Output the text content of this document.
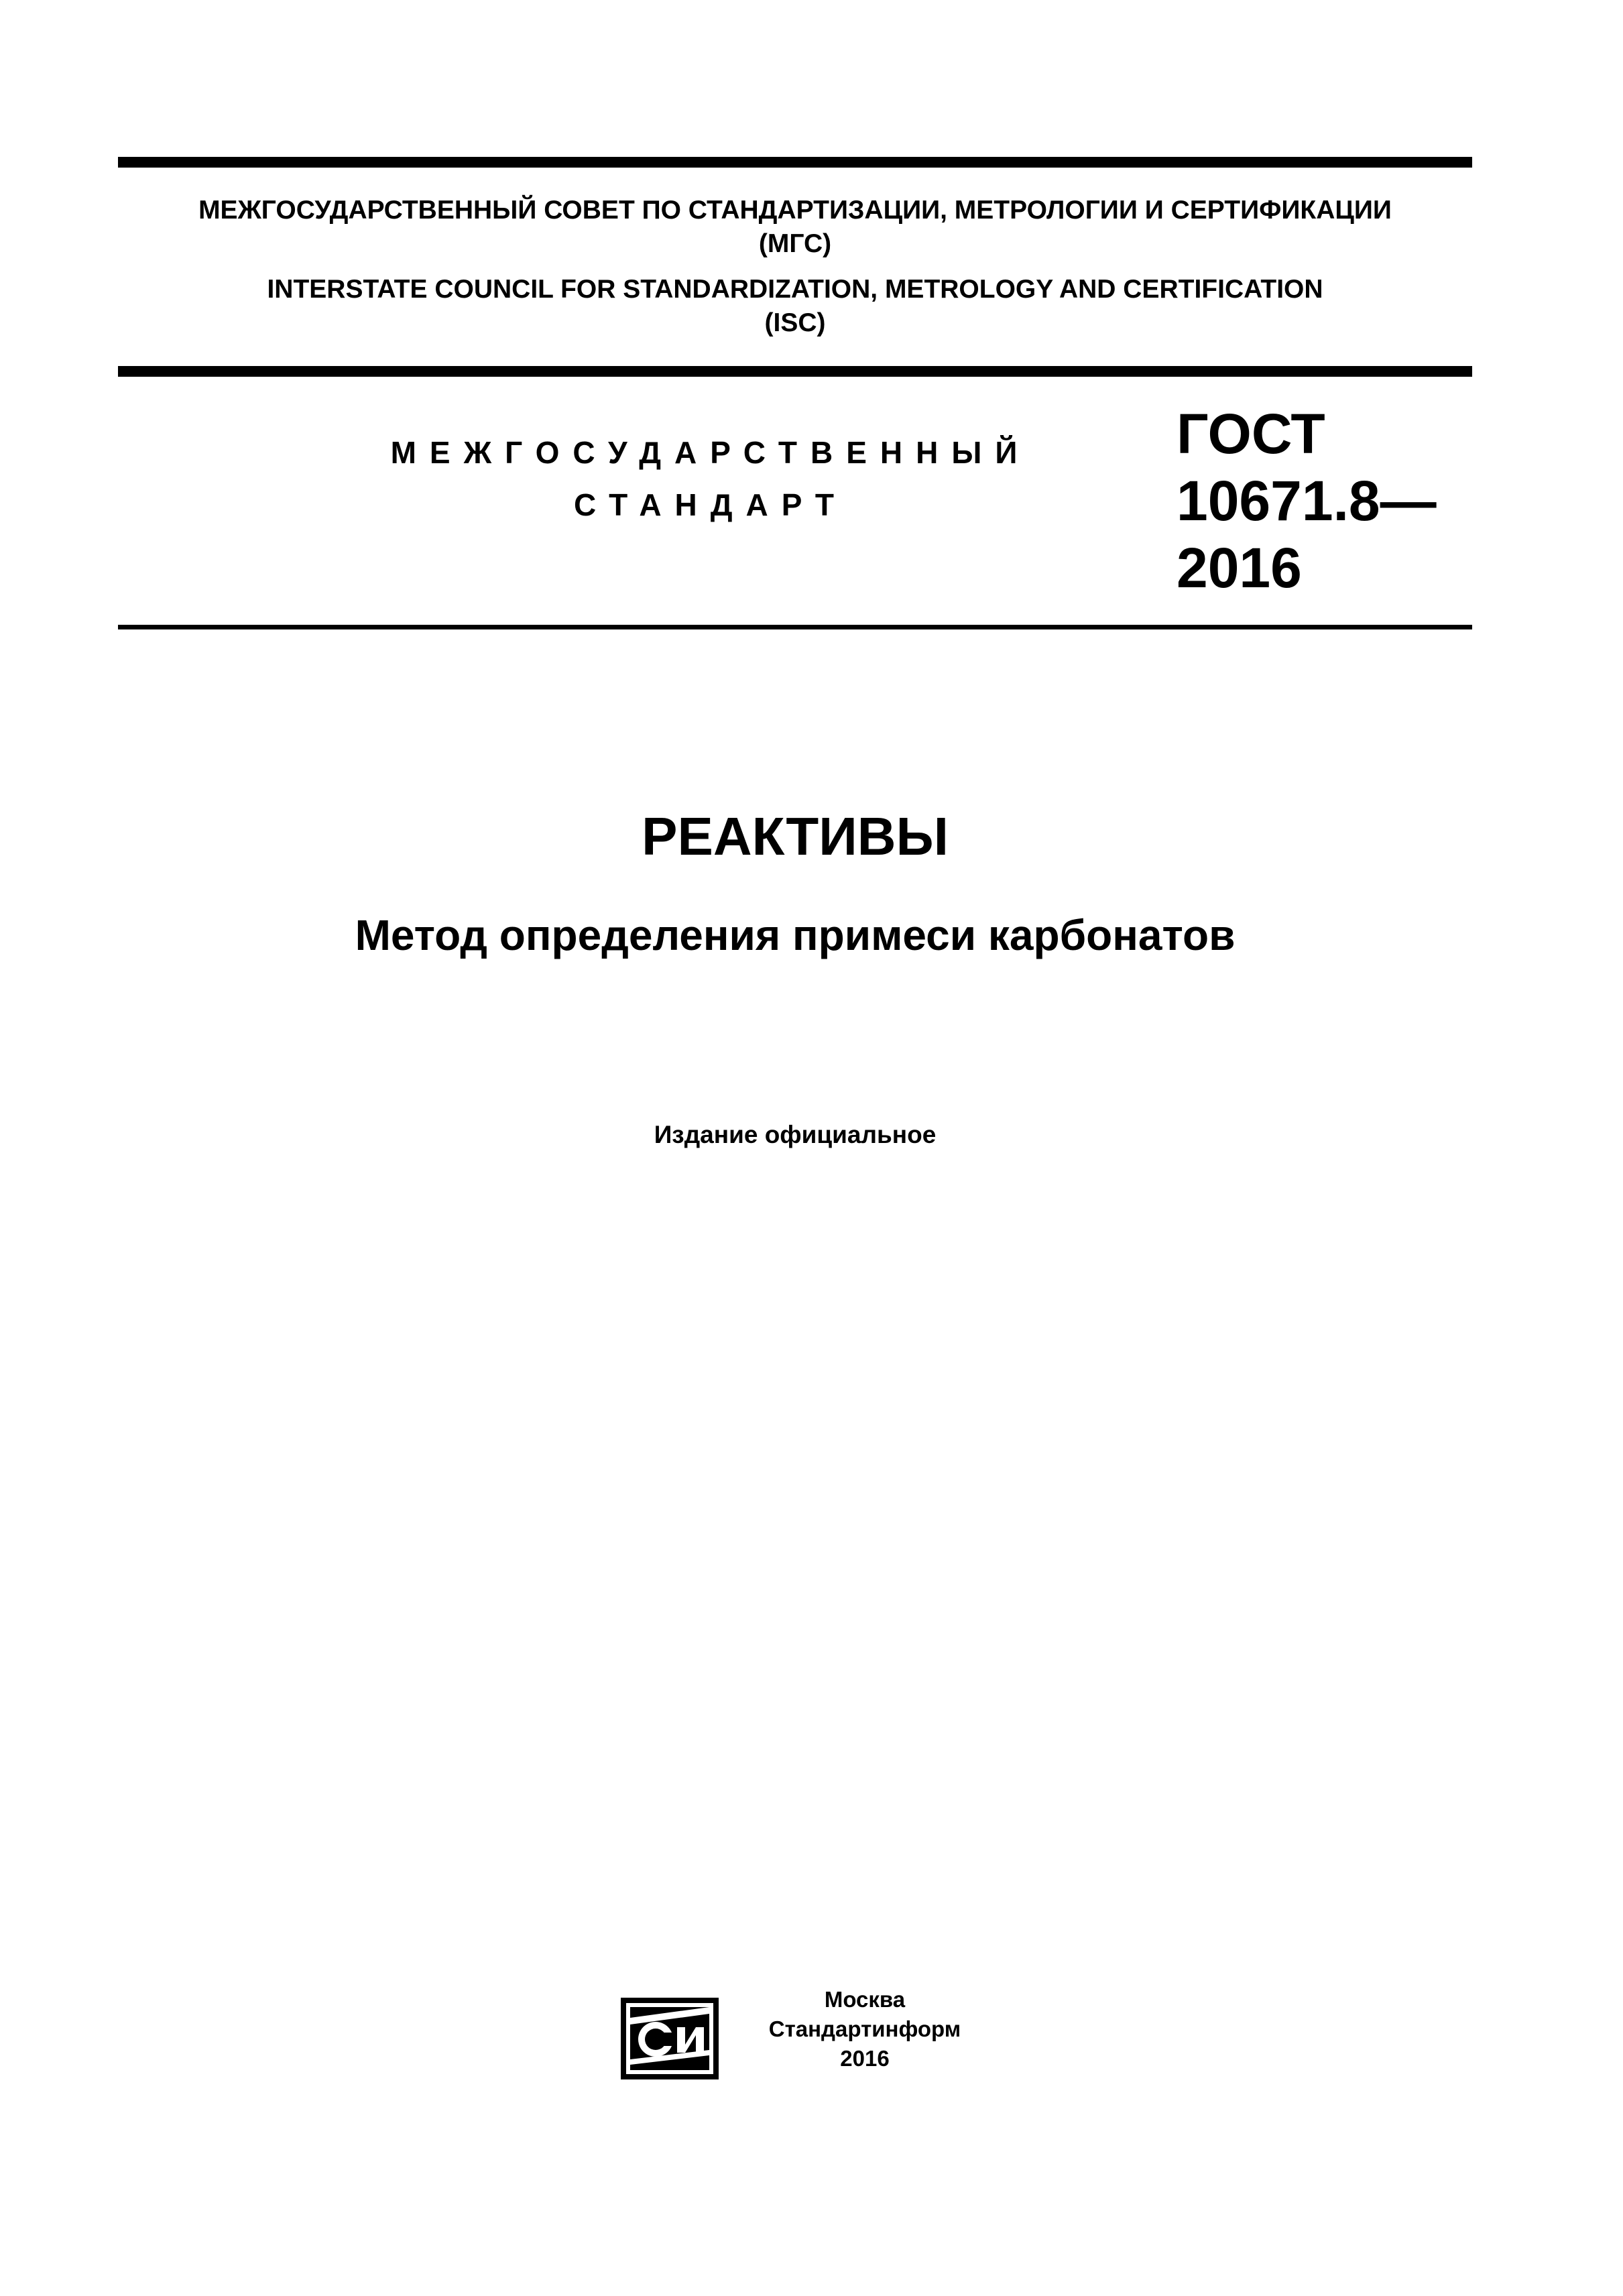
МЕЖГОСУДАРСТВЕННЫЙ СОВЕТ ПО СТАНДАРТИЗАЦИИ, МЕТРОЛОГИИ И СЕРТИФИКАЦИИ
(МГС)
INTERSTATE COUNCIL FOR STANDARDIZATION, METROLOGY AND CERTIFICATION
(ISC)
МЕЖГОСУДАРСТВЕННЫЙ
СТАНДАРТ
ГОСТ
10671.8—
2016
РЕАКТИВЫ
Метод определения примеси карбонатов
Издание официальное
Москва
Стандартинформ
2016
